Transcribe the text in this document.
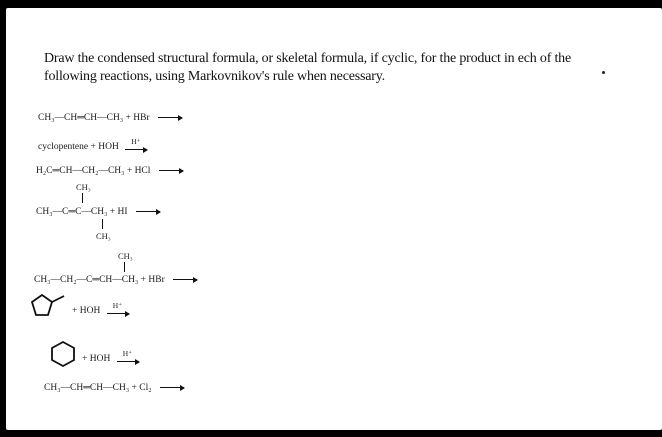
Draw the condensed structural formula, or skeletal formula, if cyclic, for the product in ech of the
following reactions, using Markovnikov's rule when necessary.
CH₃—CH═CH—CH₃ + HBr →
cyclopentene + HOH
H⁺
H₂C═CH—CH₂—CH₃ + HCl →
CH₃
CH₃—C═C—CH₃ + HI →
CH₃
CH₃
CH₃—CH₂—C═CH—CH₃ + HBr →
+ HOH
H⁺
+ HOH
H⁺
CH₃—CH═CH—CH₃ + Cl₂ →
